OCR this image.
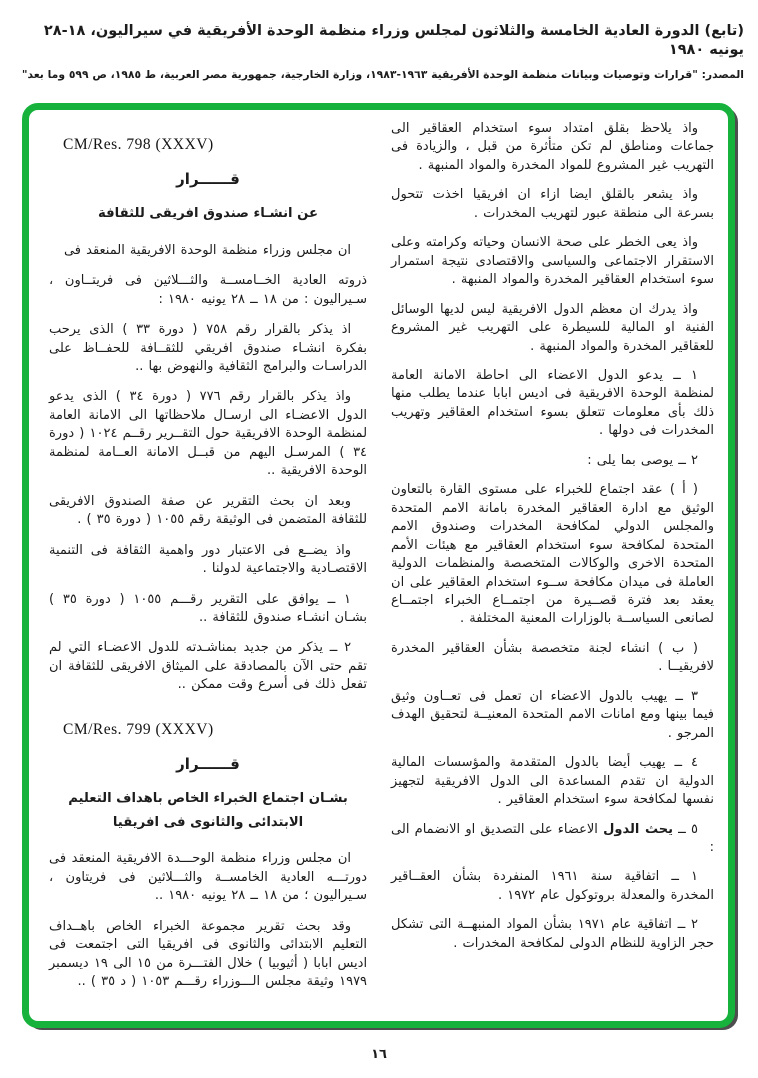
(تابع) الدورة العادية الخامسة والثلاثون لمجلس وزراء منظمة الوحدة الأفريقية في سيراليون، ١٨-٢٨ يونيه ١٩٨٠
المصدر: "قرارات وتوصيات وبيانات منظمة الوحدة الأفريقية ١٩٦٣-١٩٨٣، وزارة الخارجية، جمهورية مصر العربية، ط ١٩٨٥، ص ٥٩٩ وما بعد"

واذ يلاحظ بقلق امتداد سوء استخدام العقاقير الى جماعات ومناطق لم تكن متأثرة من قبل ، والزيادة فى التهريب غير المشروع للمواد المخدرة والمواد المنبهة .

واذ يشعر بالقلق ايضا ازاء ان افريقيا اخذت تتحول بسرعة الى منطقة عبور لتهريب المخدرات .

واذ يعى الخطر على صحة الانسان وحياته وكرامته وعلى الاستقرار الاجتماعى والسياسى والاقتصادى نتيجة استمرار سوء استخدام العقاقير المخدرة والمواد المنبهة .

واذ يدرك ان معظم الدول الافريقية ليس لديها الوسائل الفنية او المالية للسيطرة على التهريب غير المشروع للعقاقير المخدرة والمواد المنبهة .

١ ــ يدعو الدول الاعضاء الى احاطة الامانة العامة لمنظمة الوحدة الافريقية فى اديس ابابا عندما يطلب منها ذلك بأى معلومات تتعلق بسوء استخدام العقاقير وتهريب المخدرات فى دولها .

٢ ــ يوصى بما يلى :

( أ ) عقد اجتماع للخبراء على مستوى القارة بالتعاون الوثيق مع ادارة العقاقير المخدرة بامانة الامم المتحدة والمجلس الدولي لمكافحة المخدرات وصندوق الامم المتحدة لمكافحة سوء استخدام العقاقير مع هيئات الأمم المتحدة الاخرى والوكالات المتخصصة والمنظمات الدولية العاملة فى ميدان مكافحة ســوء استخدام العقاقير على ان يعقد بعد فترة قصــيرة من اجتمــاع الخبراء اجتمــاع لصانعى السياســة بالوزارات المعنية المختلفة .

( ب ) انشاء لجنة متخصصة بشأن العقاقير المخدرة لافريقيــا .

٣ ــ يهيب بالدول الاعضاء ان تعمل فى تعــاون وثيق فيما بينها ومع امانات الامم المتحدة المعنيــة لتحقيق الهدف المرجو .

٤ ــ يهيب أيضا بالدول المتقدمة والمؤسسات المالية الدولية ان تقدم المساعدة الى الدول الافريقية لتجهيز نفسها لمكافحة سوء استخدام العقاقير .

٥ ــ يحث الدول الاعضاء على التصديق او الانضمام الى :

١ ــ اتفاقية سنة ١٩٦١ المنفردة بشأن العقــاقير المخدرة والمعدلة بروتوكول عام ١٩٧٢ .

٢ ــ اتفاقية عام ١٩٧١ بشأن المواد المنبهــة التى تشكل حجر الزاوية للنظام الدولى لمكافحة المخدرات .

CM/Res. 798 (XXXV)
قــــــرار
عن انشـاء صندوق افريقى للثقافة

ان مجلس وزراء منظمة الوحدة الافريقية المنعقد فى

ذروته العادية الخــامســة والثـــلاثين فى فريتــاون ، سـيراليون : من ١٨ ــ ٢٨ يونيه ١٩٨٠ :

اذ يذكر بالقرار رقم ٧٥٨ ( دورة ٣٣ ) الذى يرحب بفكرة انشـاء صندوق افريقي للثقــافة للحفــاظ على الدراسـات والبرامج الثقافية والنهوض بها ..

واذ يذكر بالقرار رقم ٧٧٦ ( دورة ٣٤ ) الذى يدعو الدول الاعضـاء الى ارسـال ملاحظاتها الى الامانة العامة لمنظمة الوحدة الافريقية حول التقــرير رقــم ١٠٢٤ ( دورة ٣٤ ) المرسـل اليهم من قبــل الامانة العــامة لمنظمة الوحدة الافريقية ..

وبعد ان بحث التقرير عن صفة الصندوق الافريقى للثقافة المتضمن فى الوثيقة رقم ١٠٥٥ ( دورة ٣٥ ) .

واذ يضــع فى الاعتبار دور واهمية الثقافة فى التنمية الاقتصـادية والاجتماعية لدولنا .

١ ــ يوافق على التقرير رقـــم ١٠٥٥ ( دورة ٣٥ ) بشـان انشـاء صندوق للثقافة ..

٢ ــ يذكر من جديد بمناشـدته للدول الاعضـاء التي لم تقم حتى الآن بالمصادقة على الميثاق الافريقى للثقافة ان تفعل ذلك فى أسرع وقت ممكن ..

CM/Res. 799 (XXXV)
قــــــرار
بشـان اجتماع الخبراء الخاص باهداف التعليم
الابتدائى والثانوى فى افريقيا

ان مجلس وزراء منظمة الوحـــدة الافريقية المنعقد فى دورتـــه العادية الخامســة والثـــلاثين فى فريتاون ، سـيراليون ؛ من ١٨ ــ ٢٨ يونيه ١٩٨٠ ..

وقد بحث تقرير مجموعة الخبراء الخاص باهــداف التعليم الابتدائى والثانوى فى افريقيا التى اجتمعت فى اديس ابابا ( أثيوبيا ) خلال الفتـــرة من ١٥ الى ١٩ ديسمبر ١٩٧٩ وثيقة مجلس الـــوزراء رقـــم ١٠٥٣ ( د ٣٥ ) ..

١٦
